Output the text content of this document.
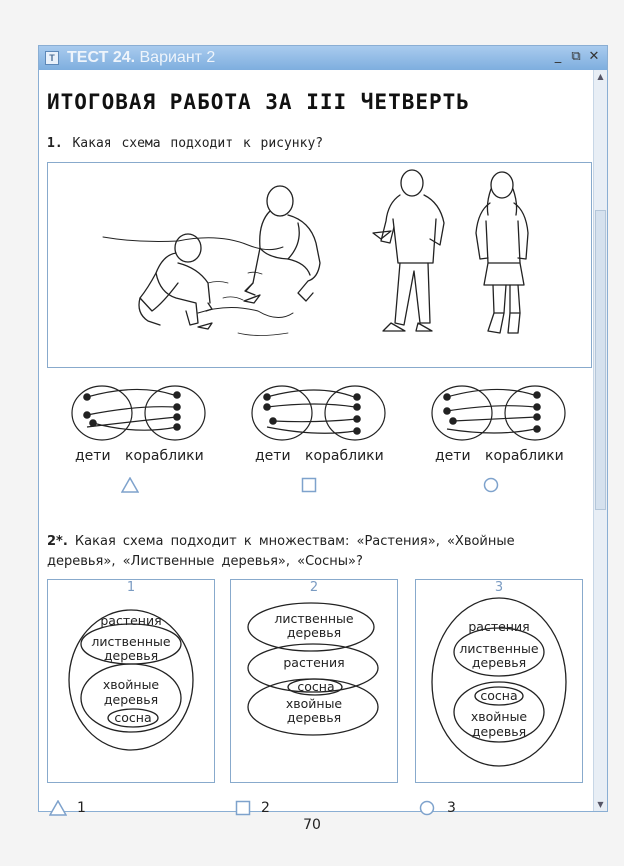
Т ТЕСТ 24. Вариант 2	_ ⧉ ✕
▲
▼
ИТОГОВАЯ РАБОТА ЗА III ЧЕТВЕРТЬ
1. Какая схема подходит к рисунку?
дети кораблики	дети кораблики	дети кораблики
2*. Какая схема подходит к множествам: «Растения», «Хвойные деревья», «Лиственные деревья», «Сосны»?
1
растения
лиственные
деревья
хвойные
деревья
сосна
2
лиственные
деревья
растения
сосна
хвойные
деревья
3
растения
лиственные
деревья
сосна
хвойные
деревья
1	2	3
70
